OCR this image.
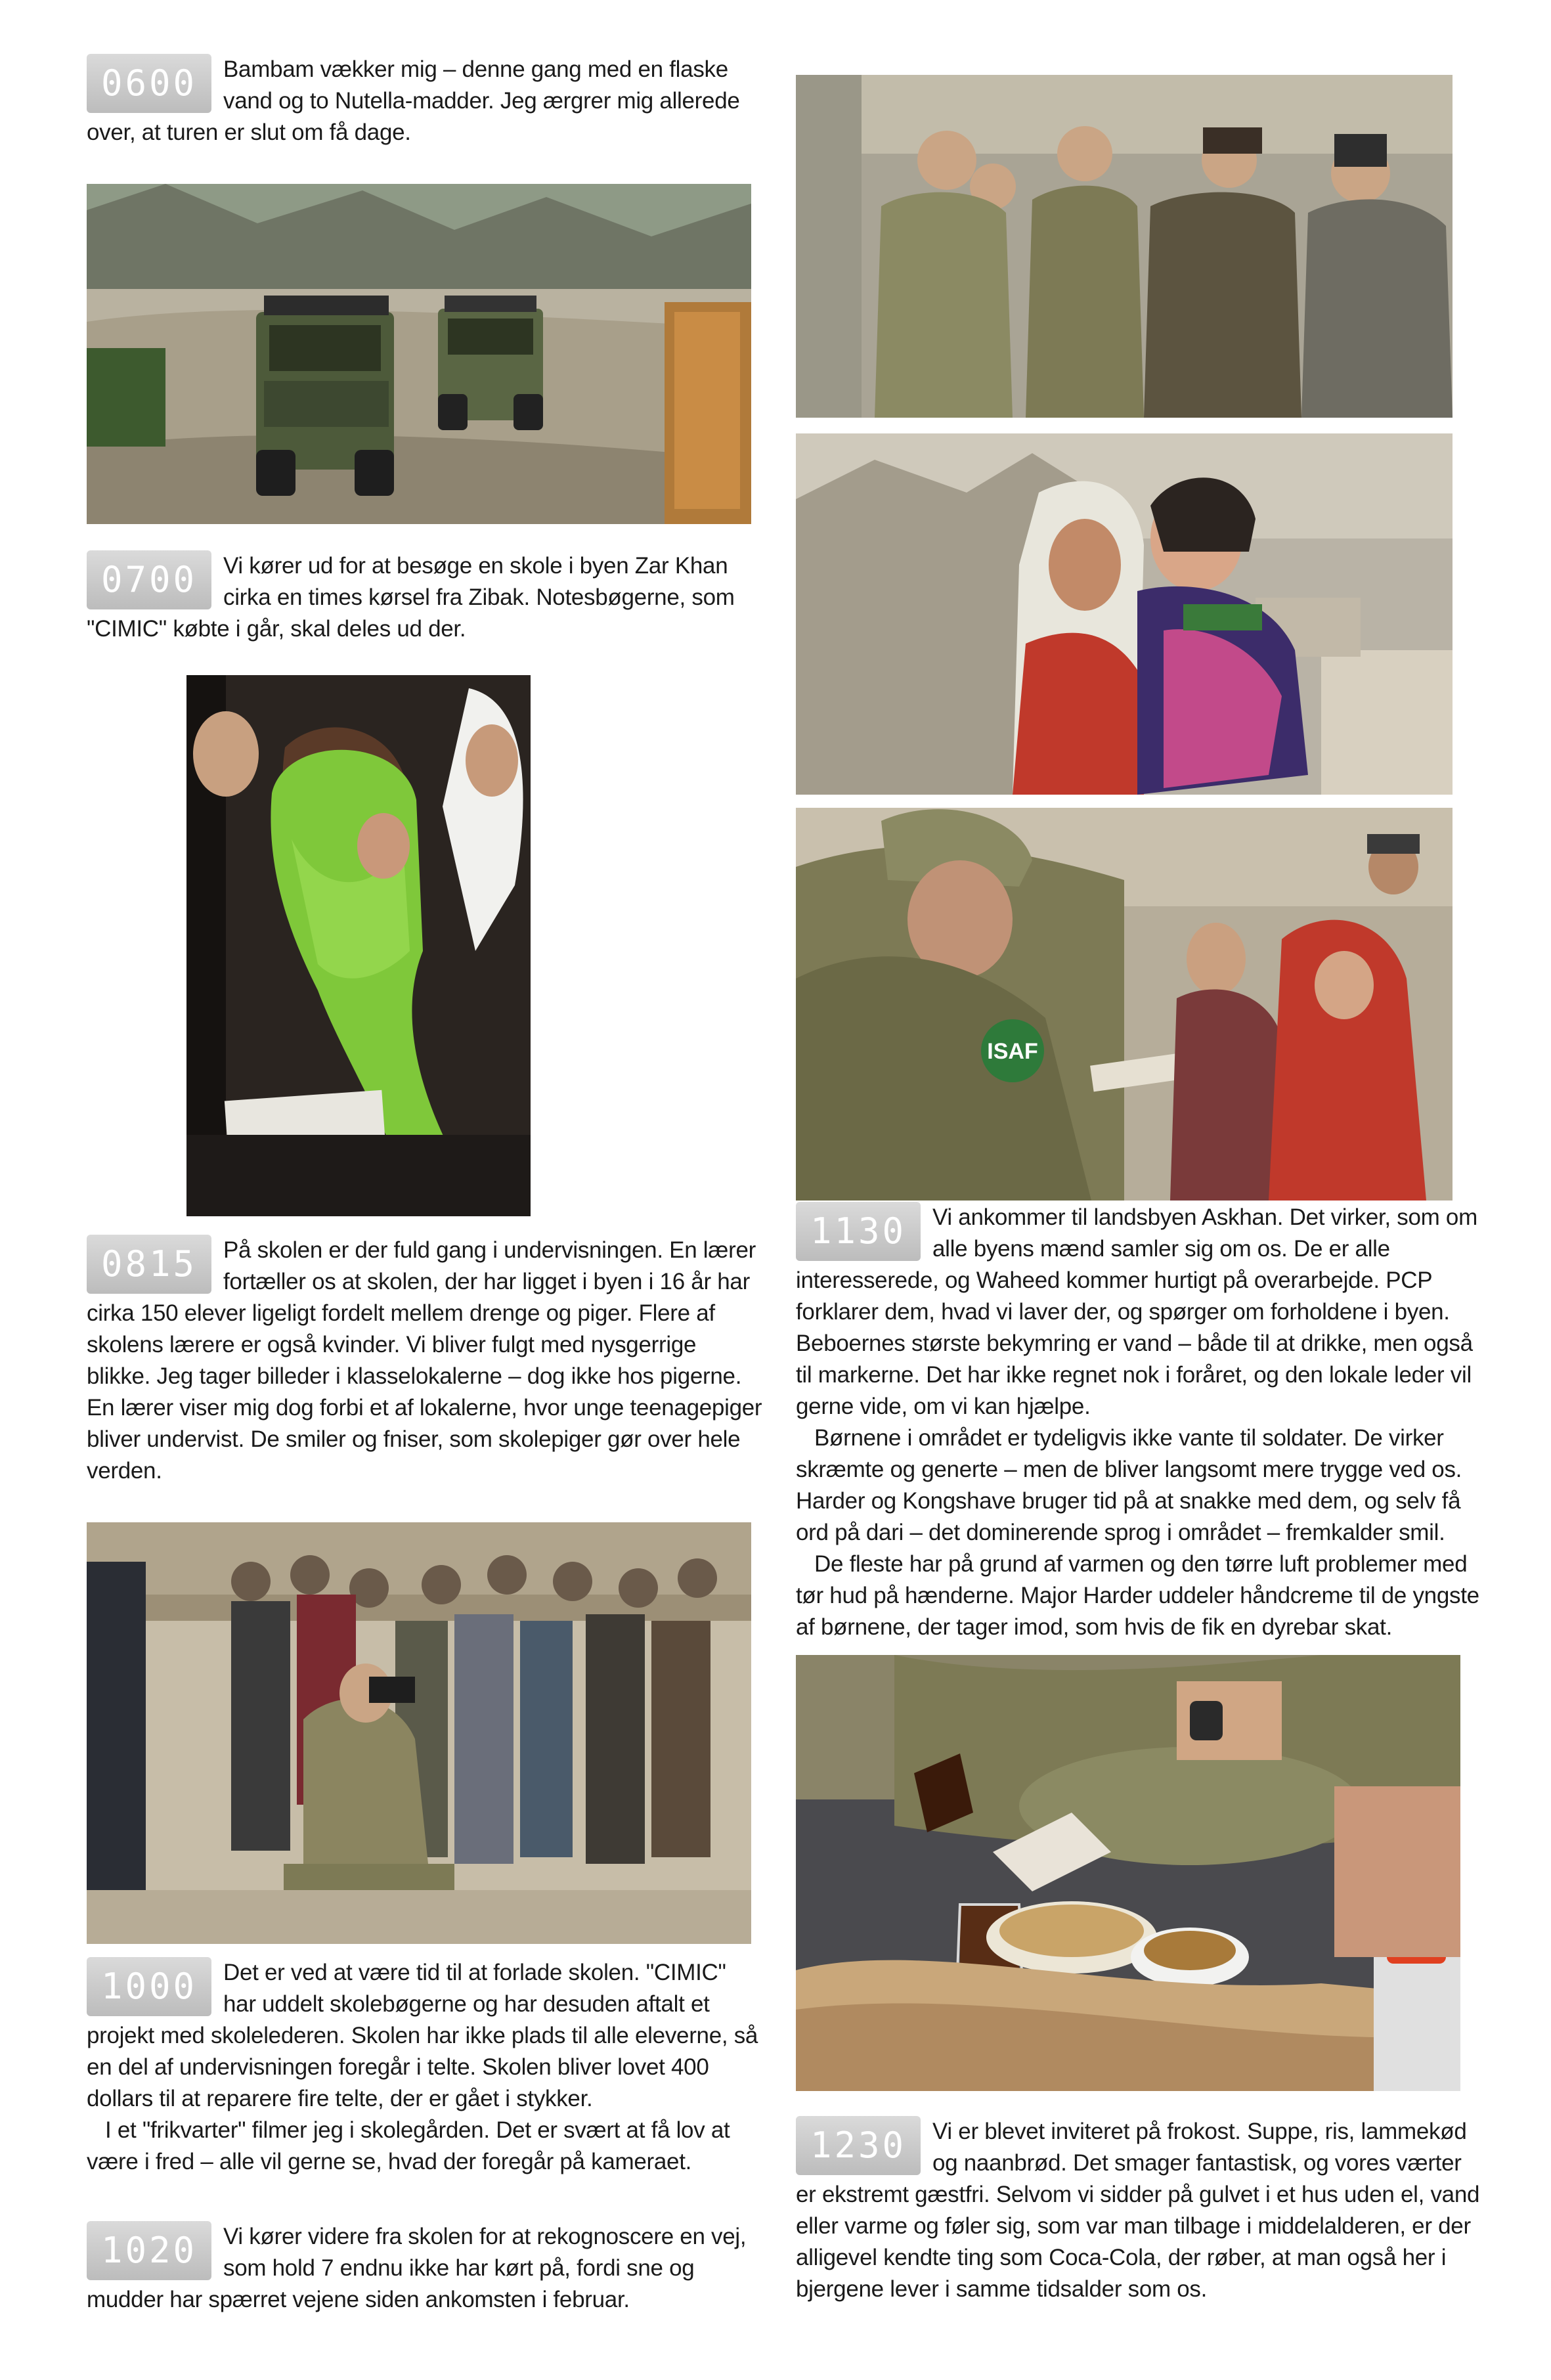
0600	Bambam vækker mig – denne gang med en flaske vand og to Nutella-madder. Jeg ærgrer mig allerede over, at turen er slut om få dage.

0700	Vi kører ud for at besøge en skole i byen Zar Khan cirka en times kørsel fra Zibak. Notesbøgerne, som "CIMIC" købte i går, skal deles ud der.

0815	På skolen er der fuld gang i undervisningen. En lærer fortæller os at skolen, der har ligget i byen i 16 år har cirka 150 elever ligeligt fordelt mellem drenge og piger. Flere af skolens lærere er også kvinder. Vi bliver fulgt med nysgerrige blikke. Jeg tager billeder i klasselokalerne – dog ikke hos pigerne. En lærer viser mig dog forbi et af lokalerne, hvor unge teenagepiger bliver undervist. De smiler og fniser, som skolepiger gør over hele verden.

1000	Det er ved at være tid til at forlade skolen. "CIMIC" har uddelt skolebøgerne og har desuden aftalt et projekt med skolelederen. Skolen har ikke plads til alle eleverne, så en del af undervisningen foregår i telte. Skolen bliver lovet 400 dollars til at reparere fire telte, der er gået i stykker.

I et "frikvarter" filmer jeg i skolegården. Det er svært at få lov at være i fred – alle vil gerne se, hvad der foregår på kameraet.

1020	Vi kører videre fra skolen for at rekognoscere en vej, som hold 7 endnu ikke har kørt på, fordi sne og mudder har spærret vejene siden ankomsten i februar.

1130	Vi ankommer til landsbyen Askhan. Det virker, som om alle byens mænd samler sig om os. De er alle interesserede, og Waheed kommer hurtigt på overarbejde. PCP forklarer dem, hvad vi laver der, og spørger om forholdene i byen. Beboernes største bekymring er vand – både til at drikke, men også til markerne. Det har ikke regnet nok i foråret, og den lokale leder vil gerne vide, om vi kan hjælpe.

Børnene i området er tydeligvis ikke vante til soldater. De virker skræmte og generte – men de bliver langsomt mere trygge ved os. Harder og Kongshave bruger tid på at snakke med dem, og selv få ord på dari – det dominerende sprog i området – fremkalder smil.

De fleste har på grund af varmen og den tørre luft problemer med tør hud på hænderne. Major Harder uddeler håndcreme til de yngste af børnene, der tager imod, som hvis de fik en dyrebar skat.

1230	Vi er blevet inviteret på frokost. Suppe, ris, lammekød og naanbrød. Det smager fantastisk, og vores værter er ekstremt gæstfri. Selvom vi sidder på gulvet i et hus uden el, vand eller varme og føler sig, som var man tilbage i middelalderen, er der alligevel kendte ting som Coca-Cola, der røber, at man også her i bjergene lever i samme tidsalder som os.

ISAF
